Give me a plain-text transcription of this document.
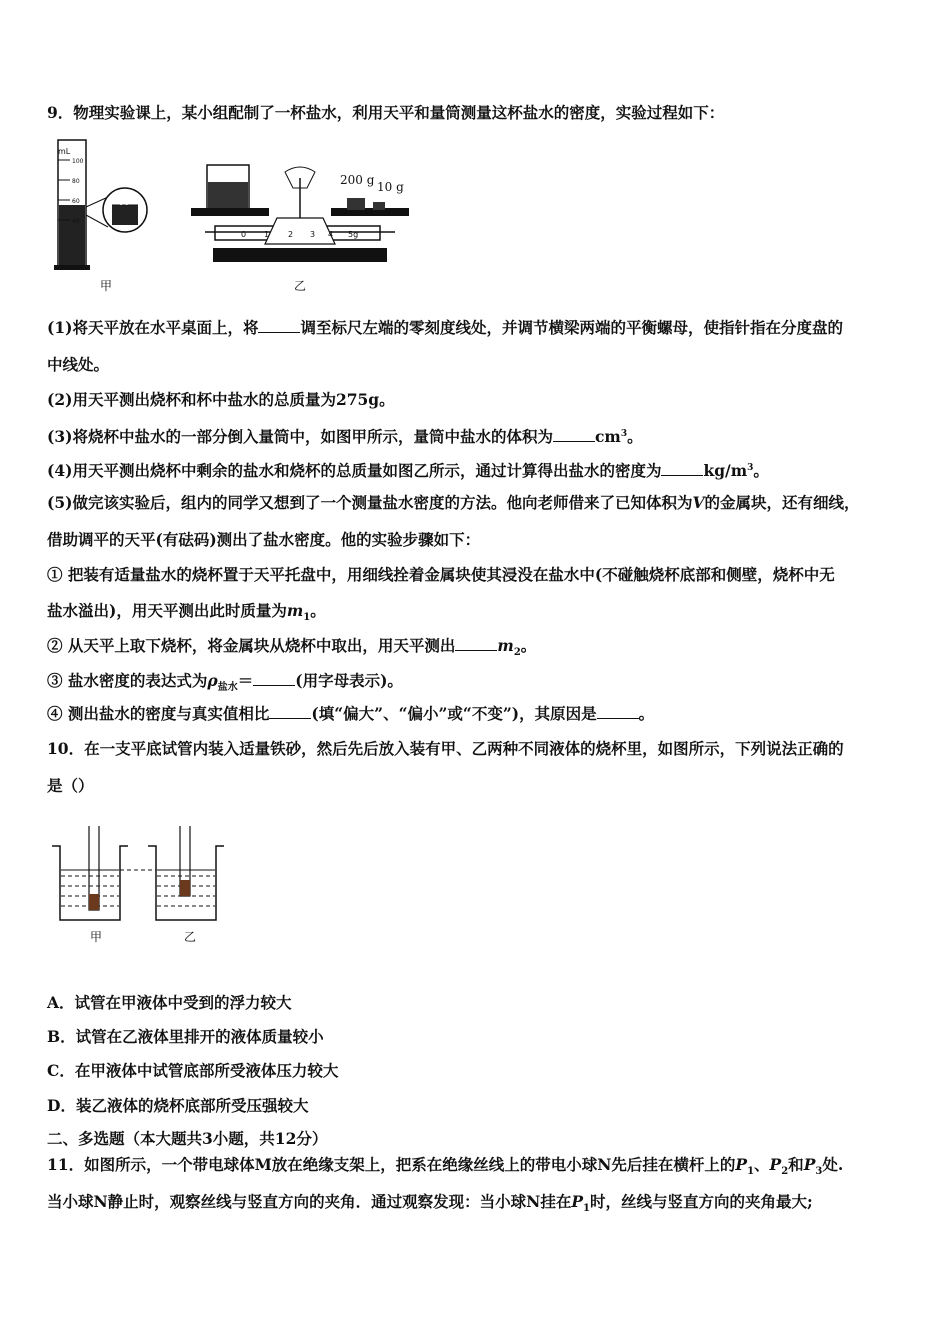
9．物理实验课上，某小组配制了一杯盐水，利用天平和量筒测量这杯盐水的密度，实验过程如下：
mL
100
80
60
40
60
甲
200 g 10 g
0 1 2 3 4 5g
乙
(1)将天平放在水平桌面上，将	调至标尺左端的零刻度线处，并调节横梁两端的平衡螺母，使指针指在分度盘的
中线处。
(2)用天平测出烧杯和杯中盐水的总质量为275g。
(3)将烧杯中盐水的一部分倒入量筒中，如图甲所示，量筒中盐水的体积为	$cm^3$。
(4)用天平测出烧杯中剩余的盐水和烧杯的总质量如图乙所示，通过计算得出盐水的密度为	$kg/m^3$。
(5)做完该实验后，组内的同学又想到了一个测量盐水密度的方法。他向老师借来了已知体积为V的金属块，还有细线，
借助调平的天平(有砝码)测出了盐水密度。他的实验步骤如下：
① 把装有适量盐水的烧杯置于天平托盘中，用细线拴着金属块使其浸没在盐水中(不碰触烧杯底部和侧壁，烧杯中无
盐水溢出)，用天平测出此时质量为$m_1$。
② 从天平上取下烧杯，将金属块从烧杯中取出，用天平测出	$m_2$。
③ 盐水密度的表达式为$\rho_{盐水}=$	(用字母表示)。
④ 测出盐水的密度与真实值相比	(填“偏大”、“偏小”或“不变”)，其原因是	。
10．在一支平底试管内装入适量铁砂，然后先后放入装有甲、乙两种不同液体的烧杯里，如图所示，下列说法正确的
是（）
甲	乙
A．试管在甲液体中受到的浮力较大
B．试管在乙液体里排开的液体质量较小
C．在甲液体中试管底部所受液体压力较大
D．装乙液体的烧杯底部所受压强较大
二、多选题（本大题共3小题，共12分）
11．如图所示，一个带电球体M放在绝缘支架上，把系在绝缘丝线上的带电小球N先后挂在横杆上的$P_1$、$P_2$和$P_3$处.
当小球N静止时，观察丝线与竖直方向的夹角．通过观察发现：当小球N挂在$P_1$时，丝线与竖直方向的夹角最大;
